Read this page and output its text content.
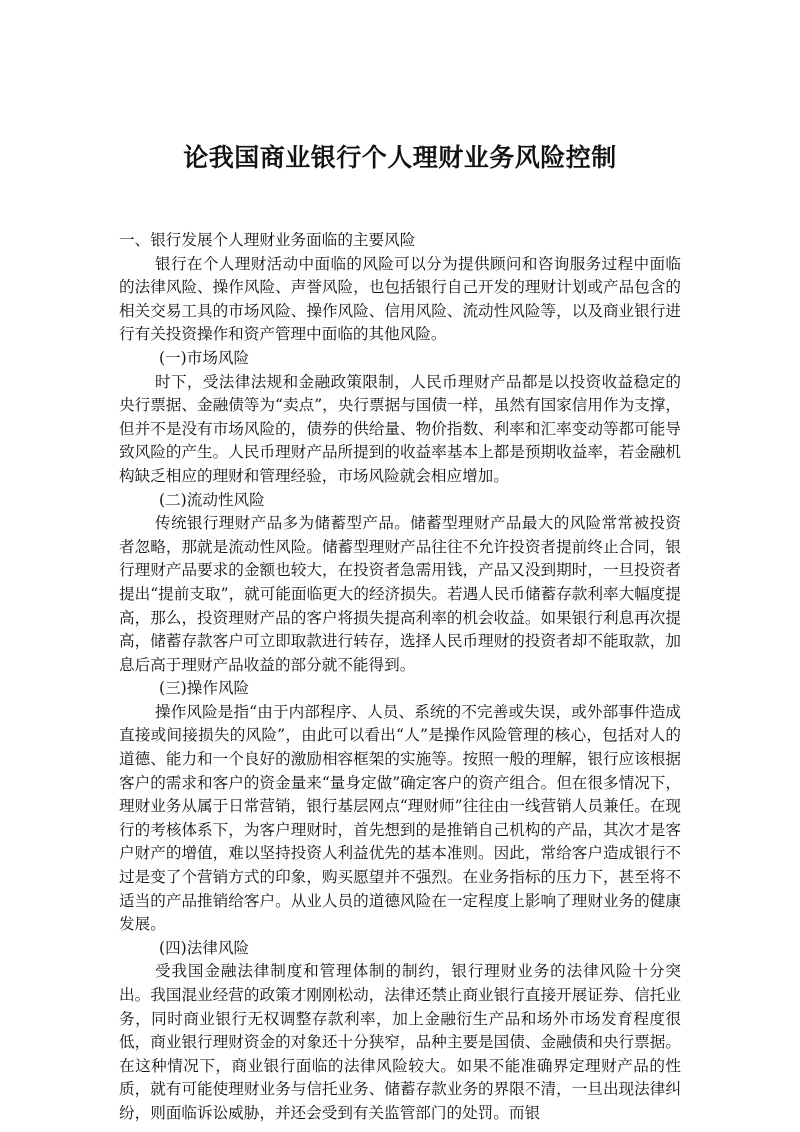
论我国商业银行个人理财业务风险控制

一、银行发展个人理财业务面临的主要风险

银行在个人理财活动中面临的风险可以分为提供顾问和咨询服务过程中面临的法律风险、操作风险、声誉风险，也包括银行自己开发的理财计划或产品包含的相关交易工具的市场风险、操作风险、信用风险、流动性风险等，以及商业银行进行有关投资操作和资产管理中面临的其他风险。

(一)市场风险

时下，受法律法规和金融政策限制，人民币理财产品都是以投资收益稳定的央行票据、金融债等为“卖点”，央行票据与国债一样，虽然有国家信用作为支撑，但并不是没有市场风险的，债券的供给量、物价指数、利率和汇率变动等都可能导致风险的产生。人民币理财产品所提到的收益率基本上都是预期收益率，若金融机构缺乏相应的理财和管理经验，市场风险就会相应增加。

(二)流动性风险

传统银行理财产品多为储蓄型产品。储蓄型理财产品最大的风险常常被投资者忽略，那就是流动性风险。储蓄型理财产品往往不允许投资者提前终止合同，银行理财产品要求的金额也较大，在投资者急需用钱，产品又没到期时，一旦投资者提出“提前支取”，就可能面临更大的经济损失。若遇人民币储蓄存款利率大幅度提高，那么，投资理财产品的客户将损失提高利率的机会收益。如果银行利息再次提高，储蓄存款客户可立即取款进行转存，选择人民币理财的投资者却不能取款，加息后高于理财产品收益的部分就不能得到。

(三)操作风险

操作风险是指“由于内部程序、人员、系统的不完善或失误，或外部事件造成直接或间接损失的风险”，由此可以看出“人”是操作风险管理的核心，包括对人的道德、能力和一个良好的激励相容框架的实施等。按照一般的理解，银行应该根据客户的需求和客户的资金量来“量身定做”确定客户的资产组合。但在很多情况下，理财业务从属于日常营销，银行基层网点“理财师”往往由一线营销人员兼任。在现行的考核体系下，为客户理财时，首先想到的是推销自己机构的产品，其次才是客户财产的增值，难以坚持投资人利益优先的基本准则。因此，常给客户造成银行不过是变了个营销方式的印象，购买愿望并不强烈。在业务指标的压力下，甚至将不适当的产品推销给客户。从业人员的道德风险在一定程度上影响了理财业务的健康发展。

(四)法律风险

受我国金融法律制度和管理体制的制约，银行理财业务的法律风险十分突出。我国混业经营的政策才刚刚松动，法律还禁止商业银行直接开展证券、信托业务，同时商业银行无权调整存款利率，加上金融衍生产品和场外市场发育程度很低，商业银行理财资金的对象还十分狭窄，品种主要是国债、金融债和央行票据。在这种情况下，商业银行面临的法律风险较大。如果不能准确界定理财产品的性质，就有可能使理财业务与信托业务、储蓄存款业务的界限不清，一旦出现法律纠纷，则面临诉讼威胁，并还会受到有关监管部门的处罚。而银
